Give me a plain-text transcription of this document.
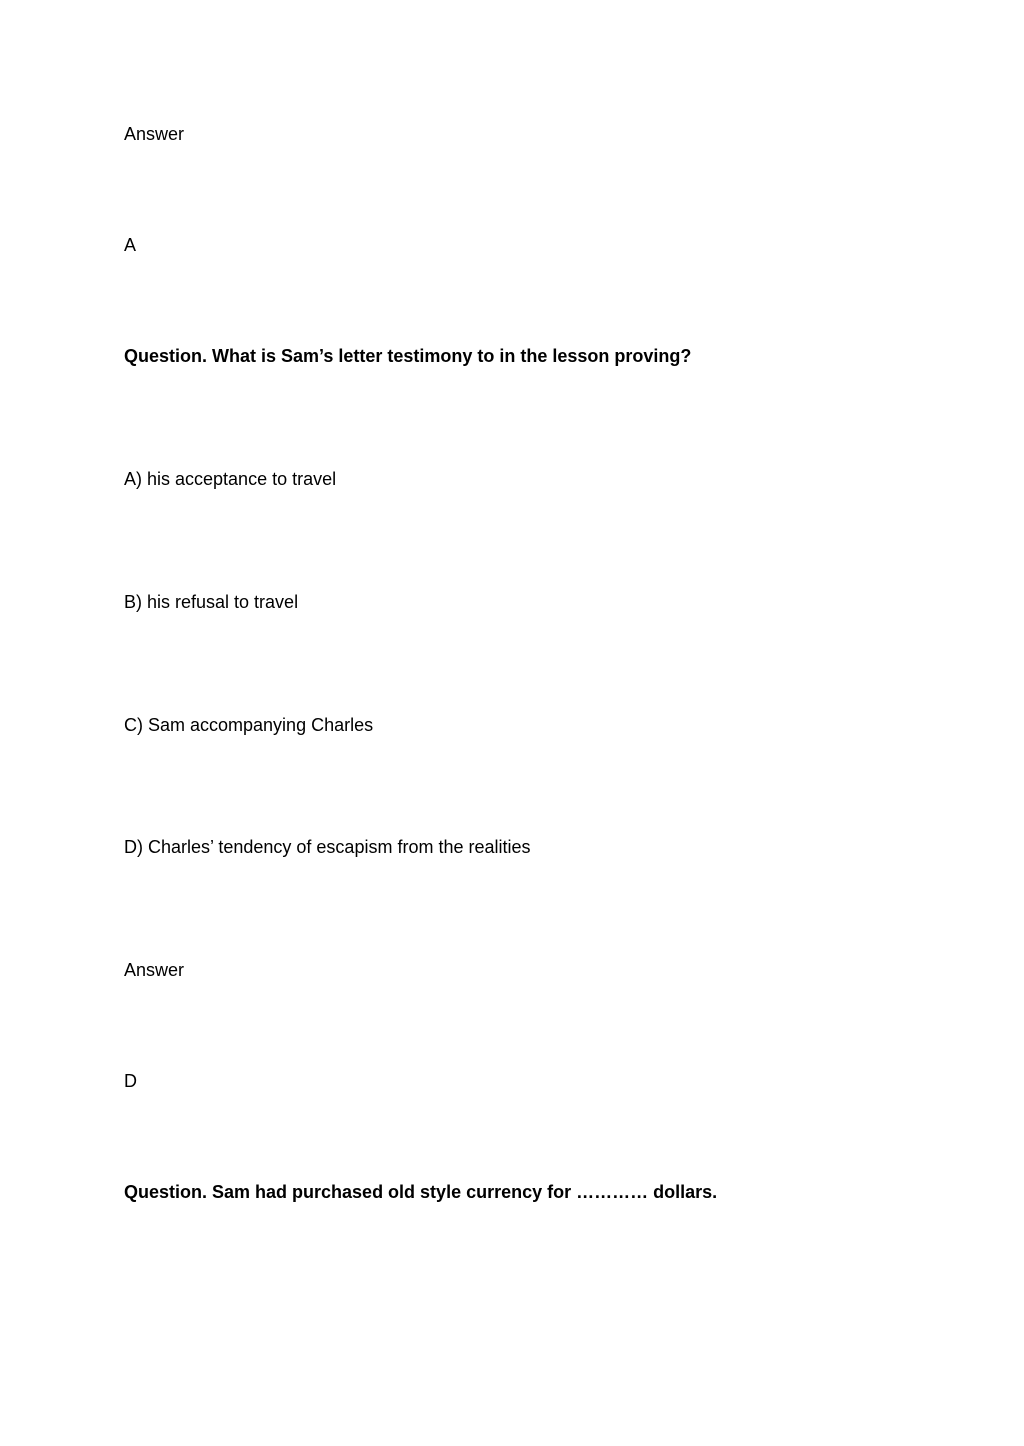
Answer

A

Question. What is Sam’s letter testimony to in the lesson proving?

A) his acceptance to travel

B) his refusal to travel

C) Sam accompanying Charles

D) Charles’ tendency of escapism from the realities

Answer

D

Question. Sam had purchased old style currency for ………… dollars.
